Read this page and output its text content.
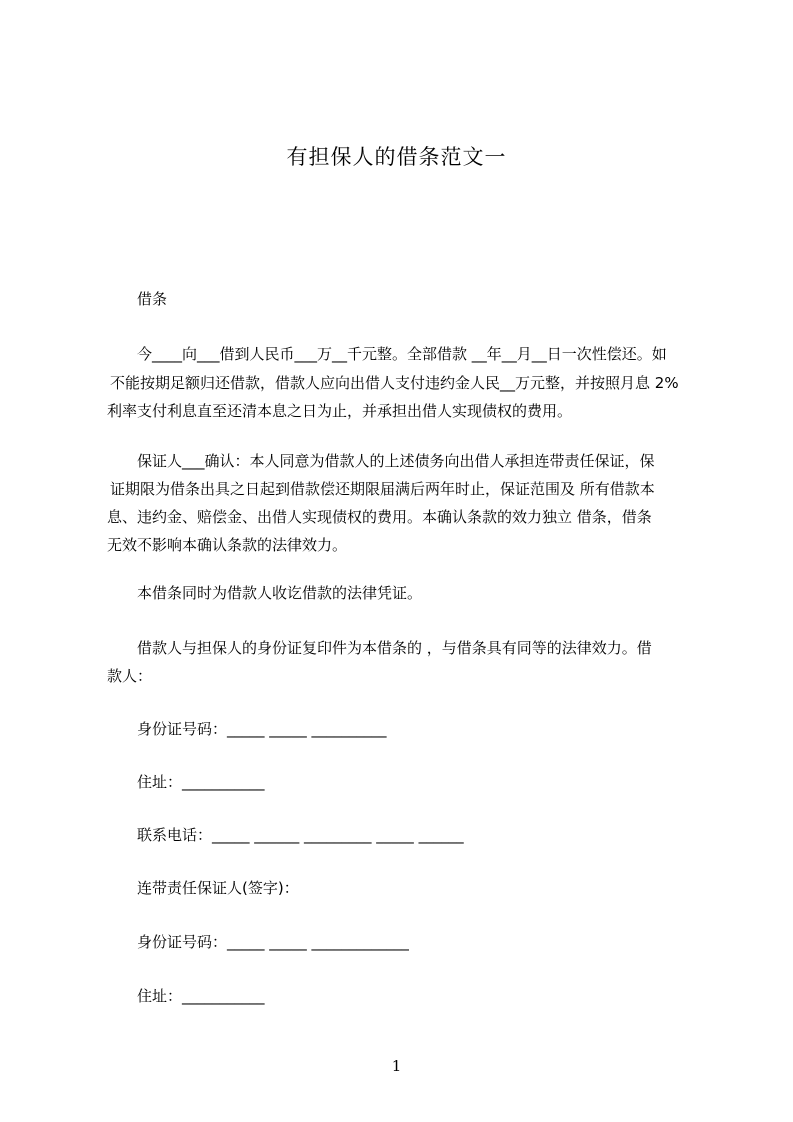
有担保人的借条范文一
借条
今____向___借到人民币___万__千元整。全部借款 __年__月__日一次性偿还。如
不能按期足额归还借款，借款人应向出借人支付违约金人民__万元整，并按照月息 2%
利率支付利息直至还清本息之日为止，并承担出借人实现债权的费用。
保证人___确认：本人同意为借款人的上述债务向出借人承担连带责任保证，保
证期限为借条出具之日起到借款偿还期限届满后两年时止，保证范围及 所有借款本
息、违约金、赔偿金、出借人实现债权的费用。本确认条款的效力独立 借条，借条
无效不影响本确认条款的法律效力。
本借条同时为借款人收讫借款的法律凭证。
借款人与担保人的身份证复印件为本借条的 ，与借条具有同等的法律效力。借
款人：
身份证号码：_____ _____ __________
住址：___________
联系电话：_____ ______ _________ _____ ______
连带责任保证人(签字)：
身份证号码：_____ _____ _____________
住址：___________
1
